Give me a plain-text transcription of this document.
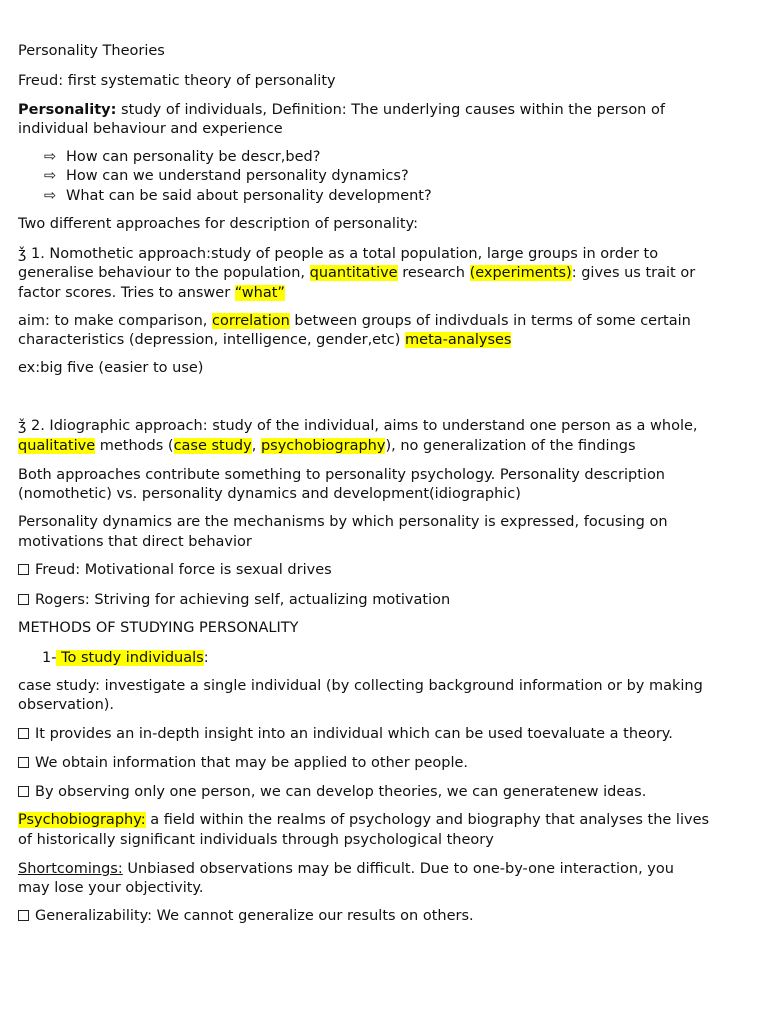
Personality Theories
Freud: first systematic theory of personality
Personality: study of individuals, Definition: The underlying causes within the person of
individual behaviour and experience
⇨ How can personality be descr,bed?
⇨ How can we understand personality dynamics?
⇨ What can be said about personality development?
Two different approaches for description of personality:
ǯ 1. Nomothetic approach:study of people as a total population, large groups in order to
generalise behaviour to the population, quantitative research (experiments): gives us trait or
factor scores. Tries to answer “what”
aim: to make comparison, correlation between groups of indivduals in terms of some certain
characteristics (depression, intelligence, gender,etc) meta-analyses
ex:big five (easier to use)
ǯ 2. Idiographic approach: study of the individual, aims to understand one person as a whole,
qualitative methods (case study, psychobiography), no generalization of the findings
Both approaches contribute something to personality psychology. Personality description
(nomothetic) vs. personality dynamics and development(idiographic)
Personality dynamics are the mechanisms by which personality is expressed, focusing on
motivations that direct behavior
Freud: Motivational force is sexual drives
Rogers: Striving for achieving self, actualizing motivation
METHODS OF STUDYING PERSONALITY
1- To study individuals:
case study: investigate a single individual (by collecting background information or by making
observation).
It provides an in-depth insight into an individual which can be used toevaluate a theory.
We obtain information that may be applied to other people.
By observing only one person, we can develop theories, we can generatenew ideas.
Psychobiography: a field within the realms of psychology and biography that analyses the lives
of historically significant individuals through psychological theory
Shortcomings: Unbiased observations may be difficult. Due to one-by-one interaction, you
may lose your objectivity.
Generalizability: We cannot generalize our results on others.
